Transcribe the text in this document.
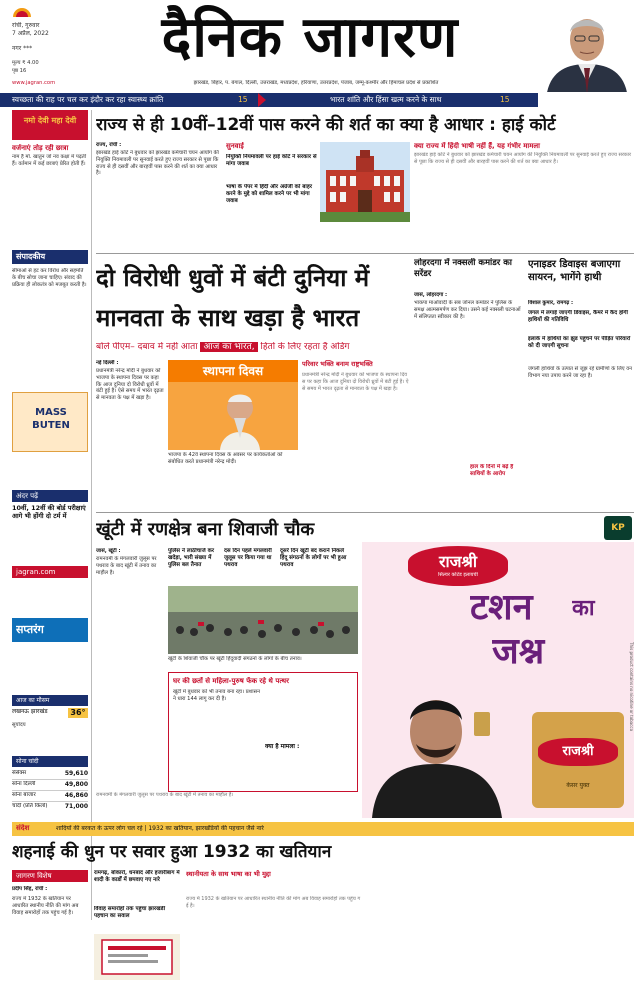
रांची, गुरुवार
7 अप्रैल, 2022
नगर ***
मूल्य ₹ 4.00
पृष्ठ 16
दैनिक जागरण
www.jagran.com	झारखंड, बिहार, प. बंगाल, दिल्ली, उत्तराखंड, मध्यप्रदेश, हरियाणा, उत्तरप्रदेश, पंजाब, जम्मू-कश्मीर और हिमाचल प्रदेश से प्रकाशित
स्वच्छता की राह पर चल कर इंदौर कर रहा स्वास्थ्य क्रांति	15	भारत शांति और हिंसा खत्म करने के साथ	15
नमो देवी महा देवी
वर्जनाएं तोड़ रही छात्रा
नाम है मो. खातुन जो नव कक्षा में पढ़ती हैं। वर्तमान में कई छात्राएं प्रेरित होती हैं।
संपादकीय
सीमाओं से हट कर विरोध और सहमति के बीच सोचा जाना चाहिए। संवाद की प्रक्रिया ही लोकतंत्र को मजबूत करती है।
MASS BUTEN
अंदर पढ़ें
10वीं, 12वीं की बोर्ड परीक्षाएं आगे भी होंगी दो टर्म में
jagran.com
सप्तरंग
आज का मौसम
लखनऊ झारखंड	36°
सूर्योदय
सोना चांदी
सेंसेक्स	59,610
सोना दिल्ली	49,800
सोना बाजार	46,860
चांदी (प्रति किलो)	71,000
राज्य से ही 10वीं–12वीं पास करने की शर्त का क्या है आधार : हाई कोर्ट
राज्य, रांची :
झारखंड हाई कोर्ट ने बुधवार को झारखंड कर्मचारी चयन आयोग की नियुक्ति नियमावली पर सुनवाई करते हुए राज्य सरकार से पूछा कि राज्य से ही दसवीं और बारहवीं पास करने की शर्त का क्या आधार है।
सुनवाई
नियुक्ति नियमावली पर हाई कोर्ट ने सरकार से मांगा जवाब
भाषा के पेपर में हिंदी और अंग्रेजी को बाहर करने के मुद्दे को शामिल करने पर भी मांगा जवाब
क्या राज्य में हिंदी भाषी नहीं हैं, यह गंभीर मामला
झारखंड हाई कोर्ट ने बुधवार को झारखंड कर्मचारी चयन आयोग की नियुक्ति नियमावली पर सुनवाई करते हुए राज्य सरकार से पूछा कि राज्य से ही दसवीं और बारहवीं पास करने की शर्त का क्या आधार है।
दो विरोधी धुवों में बंटी दुनिया में
मानवता के साथ खड़ा है भारत
बोले पीएम– दबाव में नहीं आता आज का भारत, हितों के लिए रहता है अडिग
नई दिल्ली :
प्रधानमंत्री नरेन्द्र मोदी ने बुधवार को भाजपा के स्थापना दिवस पर कहा कि आज दुनिया दो विरोधी ध्रुवों में बंटी हुई है। ऐसे समय में भारत दृढ़ता से मानवता के पक्ष में खड़ा है।
स्थापना दिवस
भाजपा के 42वें स्थापना दिवस के अवसर पर कार्यकर्ताओं को संबोधित करते प्रधानमंत्री नरेन्द्र मोदी।
परिवार भक्ति बनाम राष्ट्रभक्ति
प्रधानमंत्री नरेन्द्र मोदी ने बुधवार को भाजपा के स्थापना दिवस पर कहा कि आज दुनिया दो विरोधी ध्रुवों में बंटी हुई है। ऐसे समय में भारत दृढ़ता से मानवता के पक्ष में खड़ा है।
लोहरदगा में नक्सली कमांडर का सरेंडर
जासं, लोहरदगा :
भाकपा माओवादी के सब जोनल कमांडर ने पुलिस के समक्ष आत्मसमर्पण कर दिया। उसने कई नक्सली घटनाओं में संलिप्तता स्वीकार की है।
हाल के दिनों में बढ़े हैं साथियों के आरोप
एनाइडर डिवाइस बजाएगा सायरन, भागेंगे हाथी
विशाल कुमार, रामगढ़ :
जंगल में लगाई जाएगी डिवाइस, कैमरे में कैद होगी हाथियों की गतिविधि
इलाके में हाथियों का झुंड पहुंचने पर पीड़ित परिवारों को दी जाएगी सूचना
जंगली हाथियों के उत्पात से जूझ रहे ग्रामीणों के लिए वन विभाग नया उपाय करने जा रहा है।
खूंटी में रणक्षेत्र बना शिवाजी चौक	KP
जासं, खूंटी :
रामनवमी के मंगलवारी जुलूस पर पथराव के बाद खूंटी में तनाव का माहौल है।
पुलिस ने लाठीचार्ज कर खदेड़ा, भारी संख्या में पुलिस बल तैनात
दस दिन पहले मंगलवारी जुलूस पर किया गया था पथराव
दूसरे दिन खूंटी बंद कराने निकले हिंदू संगठनों के लोगों पर भी हुआ पथराव
खूंटी के शिवाजी चौक पर खूंटी हिंदूवादी संगठनों के लोगों के बीच तनाव।
घर की छतों से महिला-पुरुष फेंक रहे थे पत्थर
खूंटी में बुधवार को भी तनाव बना रहा। प्रशासन ने धारा 144 लागू कर दी है।
क्या है मामला :
रामनवमी के मंगलवारी जुलूस पर पथराव के बाद खूंटी में तनाव का माहौल है।
राजश्री
सिल्वर कोटेड इलायची
टशन	का
जश्न
राजश्री
केसर युक्त
This product contains no nicotine or tobacco
संदेश	शादियों की बरकत के ऊपर लोग चल रहे | 1932 का खतियान, झारखंडियों की पहचान जैसे नारे
शहनाई की धुन पर सवार हुआ 1932 का खतियान
जागरण विशेष
प्रदीप सिंह, रांची :
राज्य में 1932 के खतियान पर आधारित स्थानीय नीति की मांग अब विवाह समारोहों तक पहुंच गई है।
रामगढ़, बोकारो, धनबाद और हजारीबाग में शादी के कार्डों में छपवाए गए नारे
विवाह समारोहों तक पहुंचा झारखंडी पहचान का सवाल
स्थानीयता के साथ भाषा का भी मुद्दा
राज्य में 1932 के खतियान पर आधारित स्थानीय नीति की मांग अब विवाह समारोहों तक पहुंच गई है।
